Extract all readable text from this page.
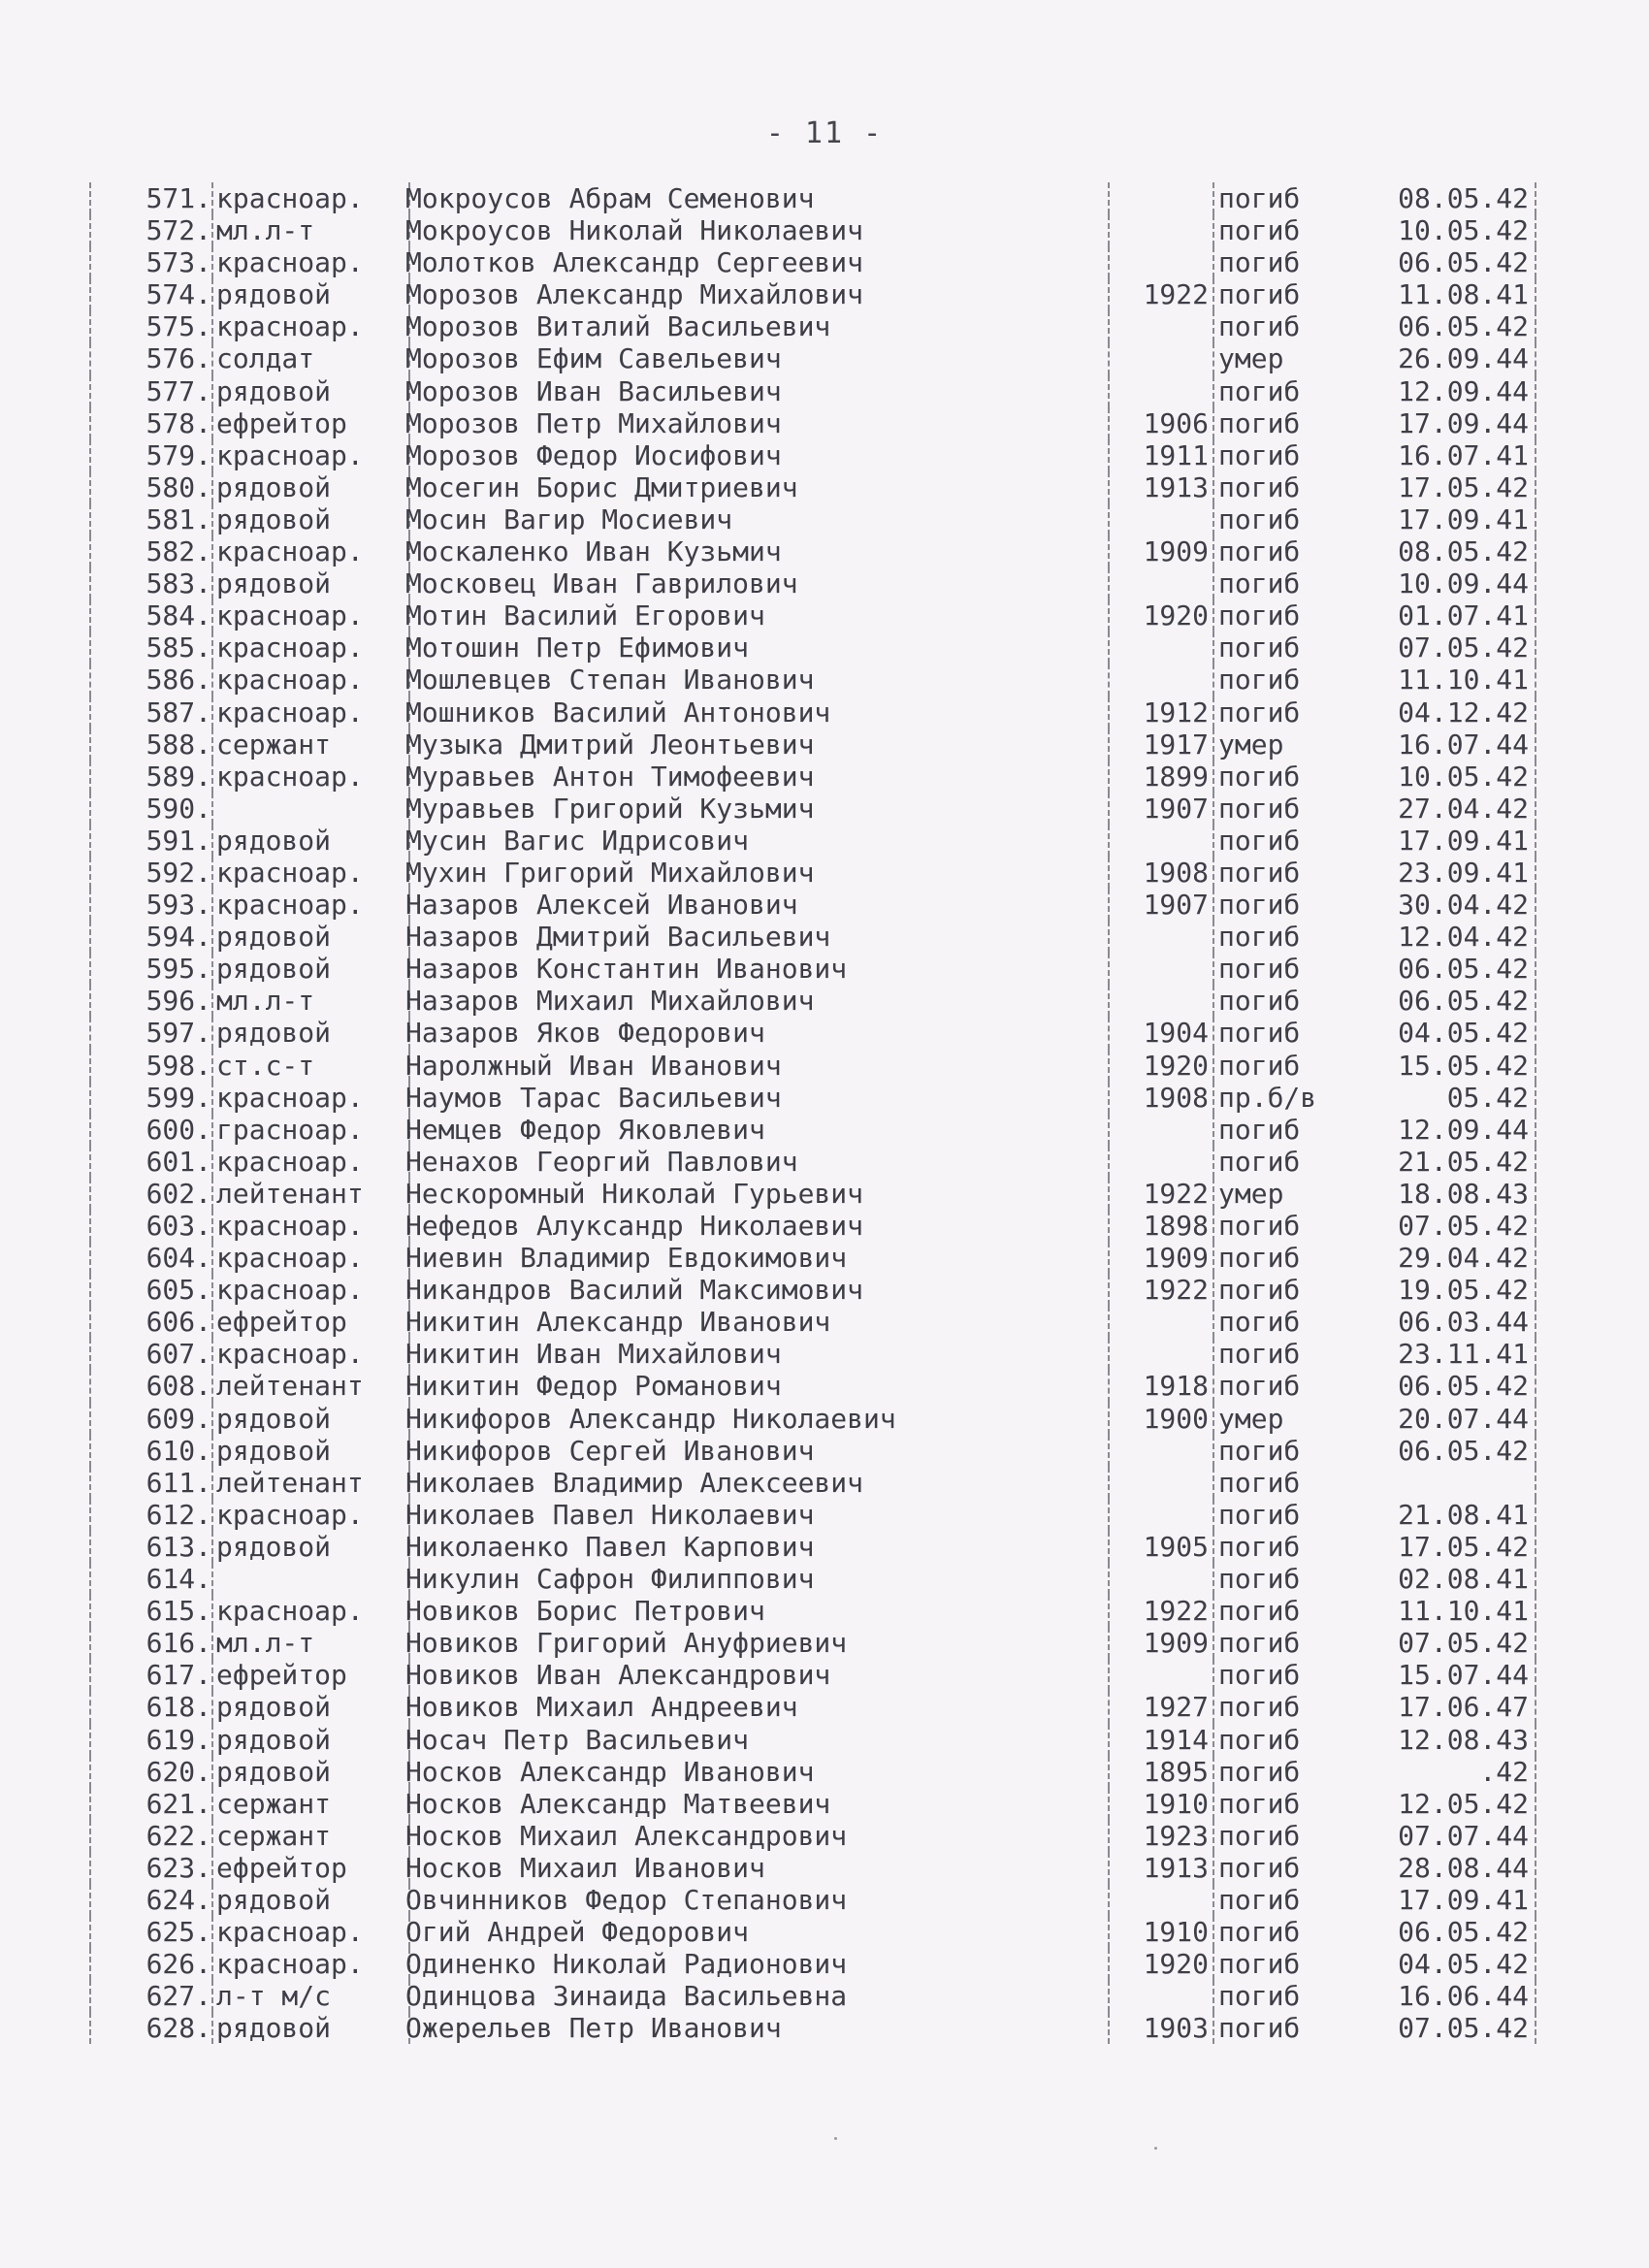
- 11 -
571. красноар.	Мокроусов Абрам Семенович	погиб	08.05.42
572. мл.л-т	Мокроусов Николай Николаевич	погиб	10.05.42
573. красноар.	Молотков Александр Сергеевич	погиб	06.05.42
574. рядовой	Морозов Александр Михайлович	1922 погиб	11.08.41
575. красноар.	Морозов Виталий Васильевич	погиб	06.05.42
576. солдат	Морозов Ефим Савельевич	умер	26.09.44
577. рядовой	Морозов Иван Васильевич	погиб	12.09.44
578. ефрейтор	Морозов Петр Михайлович	1906 погиб	17.09.44
579. красноар.	Морозов Федор Иосифович	1911 погиб	16.07.41
580. рядовой	Мосегин Борис Дмитриевич	1913 погиб	17.05.42
581. рядовой	Мосин Вагир Мосиевич	погиб	17.09.41
582. красноар.	Москаленко Иван Кузьмич	1909 погиб	08.05.42
583. рядовой	Московец Иван Гаврилович	погиб	10.09.44
584. красноар.	Мотин Василий Егорович	1920 погиб	01.07.41
585. красноар.	Мотошин Петр Ефимович	погиб	07.05.42
586. красноар.	Мошлевцев Степан Иванович	погиб	11.10.41
587. красноар.	Мошников Василий Антонович	1912 погиб	04.12.42
588. сержант	Музыка Дмитрий Леонтьевич	1917 умер	16.07.44
589. красноар.	Муравьев Антон Тимофеевич	1899 погиб	10.05.42
590.	Муравьев Григорий Кузьмич	1907 погиб	27.04.42
591. рядовой	Мусин Вагис Идрисович	погиб	17.09.41
592. красноар.	Мухин Григорий Михайлович	1908 погиб	23.09.41
593. красноар.	Назаров Алексей Иванович	1907 погиб	30.04.42
594. рядовой	Назаров Дмитрий Васильевич	погиб	12.04.42
595. рядовой	Назаров Константин Иванович	погиб	06.05.42
596. мл.л-т	Назаров Михаил Михайлович	погиб	06.05.42
597. рядовой	Назаров Яков Федорович	1904 погиб	04.05.42
598. ст.с-т	Наролжный Иван Иванович	1920 погиб	15.05.42
599. красноар.	Наумов Тарас Васильевич	1908 пр.б/в	05.42
600. граснoар.	Немцев Федор Яковлевич	погиб	12.09.44
601. красноар.	Ненахов Георгий Павлович	погиб	21.05.42
602. лейтенант	Нескоромный Николай Гурьевич	1922 умер	18.08.43
603. красноар.	Нефедов Алуксандр Николаевич	1898 погиб	07.05.42
604. красноар.	Ниевин Владимир Евдокимович	1909 погиб	29.04.42
605. красноар.	Никандров Василий Максимович	1922 погиб	19.05.42
606. ефрейтор	Никитин Александр Иванович	погиб	06.03.44
607. красноар.	Никитин Иван Михайлович	погиб	23.11.41
608. лейтенант	Никитин Федор Романович	1918 погиб	06.05.42
609. рядовой	Никифоров Александр Николаевич	1900 умер	20.07.44
610. рядовой	Никифоров Сергей Иванович	погиб	06.05.42
611. лейтенант	Николаев Владимир Алексеевич	погиб
612. красноар.	Николаев Павел Николаевич	погиб	21.08.41
613. рядовой	Николаенко Павел Карпович	1905 погиб	17.05.42
614.	Никулин Сафрон Филиппович	погиб	02.08.41
615. красноар.	Новиков Борис Петрович	1922 погиб	11.10.41
616. мл.л-т	Новиков Григорий Ануфриевич	1909 погиб	07.05.42
617. ефрейтор	Новиков Иван Александрович	погиб	15.07.44
618. рядовой	Новиков Михаил Андреевич	1927 погиб	17.06.47
619. рядовой	Носач Петр Васильевич	1914 погиб	12.08.43
620. рядовой	Носков Александр Иванович	1895 погиб	.42
621. сержант	Носков Александр Матвеевич	1910 погиб	12.05.42
622. сержант	Носков Михаил Александрович	1923 погиб	07.07.44
623. ефрейтор	Носков Михаил Иванович	1913 погиб	28.08.44
624. рядовой	Овчинников Федор Степанович	погиб	17.09.41
625. красноар.	Огий Андрей Федорович	1910 погиб	06.05.42
626. красноар.	Одиненко Николай Радионович	1920 погиб	04.05.42
627. л-т м/с	Одинцова Зинаида Васильевна	погиб	16.06.44
628. рядовой	Ожерельев Петр Иванович	1903 погиб	07.05.42
